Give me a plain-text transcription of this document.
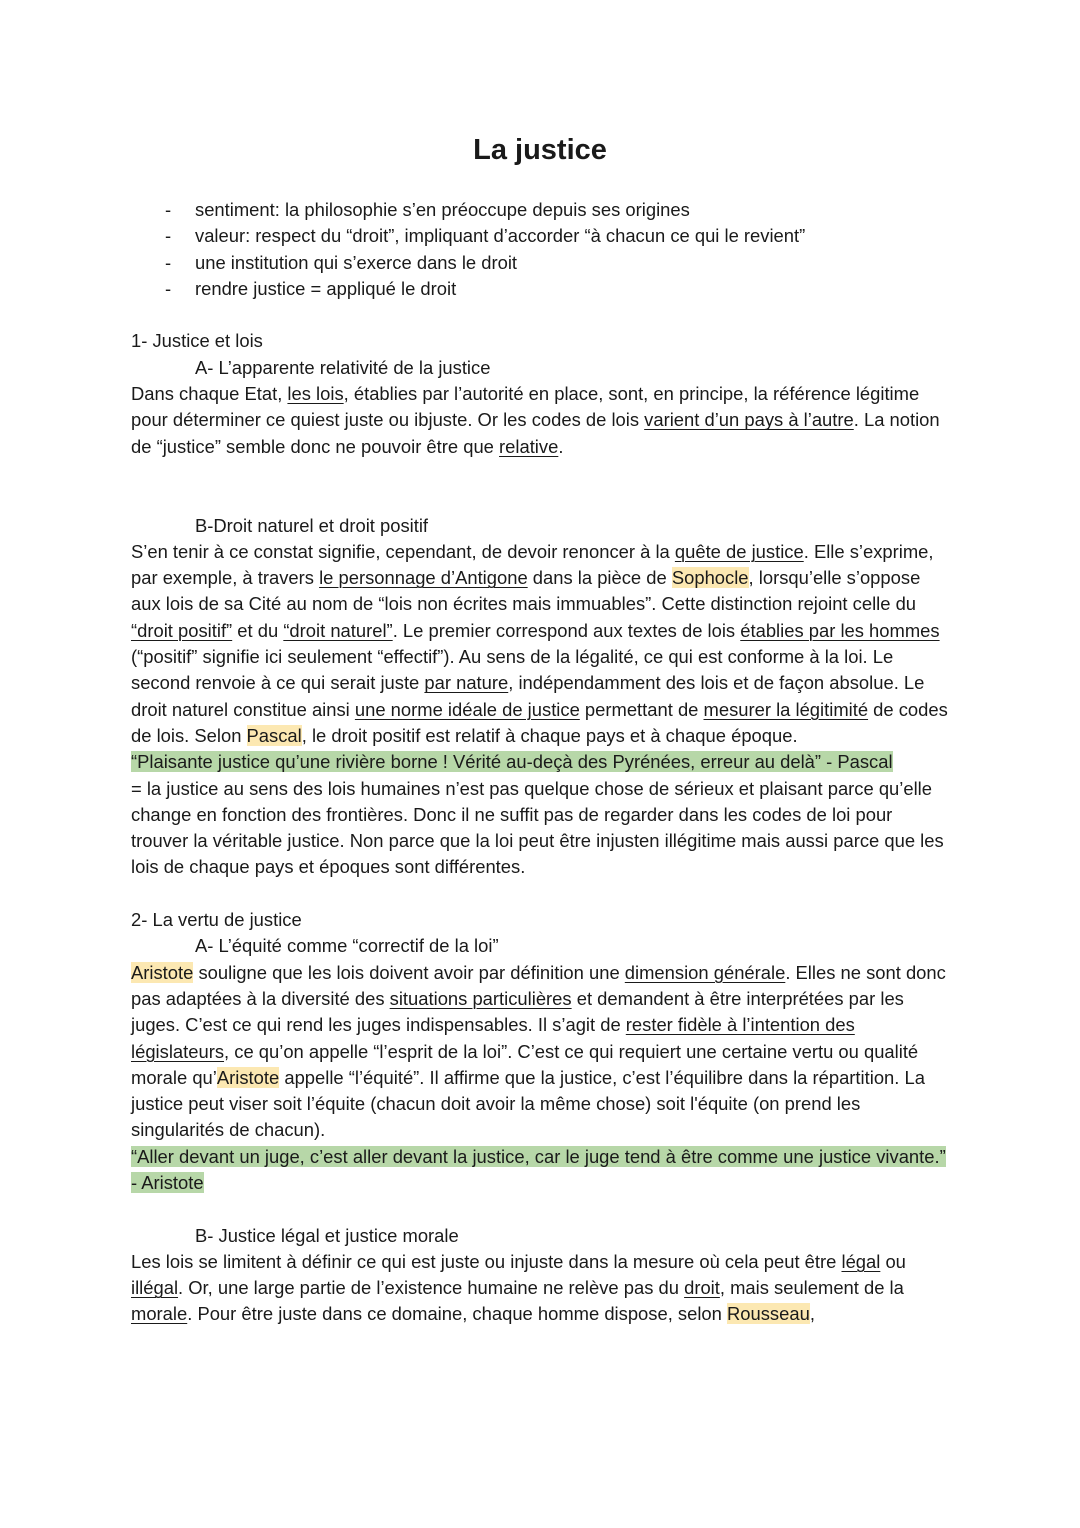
La justice
- sentiment: la philosophie s’en préoccupe depuis ses origines
- valeur: respect du “droit”, impliquant d’accorder “à chacun ce qui le revient”
- une institution qui s’exerce dans le droit
- rendre justice = appliqué le droit

1- Justice et lois

A- L’apparente relativité de la justice

Dans chaque Etat, les lois, établies par l’autorité en place, sont, en principe, la référence légitime pour déterminer ce quiest juste ou ibjuste. Or les codes de lois varient d’un pays à l’autre. La notion de “justice” semble donc ne pouvoir être que relative.

B-Droit naturel et droit positif

S’en tenir à ce constat signifie, cependant, de devoir renoncer à la quête de justice. Elle s’exprime, par exemple, à travers le personnage d’Antigone dans la pièce de Sophocle, lorsqu’elle s’oppose aux lois de sa Cité au nom de “lois non écrites mais immuables”. Cette distinction rejoint celle du “droit positif” et du “droit naturel”. Le premier correspond aux textes de lois établies par les hommes (“positif” signifie ici seulement “effectif”). Au sens de la légalité, ce qui est conforme à la loi. Le second renvoie à ce qui serait juste par nature, indépendamment des lois et de façon absolue. Le droit naturel constitue ainsi une norme idéale de justice permettant de mesurer la légitimité de codes de lois. Selon Pascal, le droit positif est relatif à chaque pays et à chaque époque.

“Plaisante justice qu’une rivière borne ! Vérité au-deçà des Pyrénées, erreur au delà” - Pascal

= la justice au sens des lois humaines n’est pas quelque chose de sérieux et plaisant parce qu’elle change en fonction des frontières. Donc il ne suffit pas de regarder dans les codes de loi pour trouver la véritable justice. Non parce que la loi peut être injusten illégitime mais aussi parce que les lois de chaque pays et époques sont différentes.

2- La vertu de justice

A- L’équité comme “correctif de la loi”

Aristote souligne que les lois doivent avoir par définition une dimension générale. Elles ne sont donc pas adaptées à la diversité des situations particulières et demandent à être interprétées par les juges. C’est ce qui rend les juges indispensables. Il s’agit de rester fidèle à l’intention des législateurs, ce qu’on appelle “l’esprit de la loi”. C’est ce qui requiert une certaine vertu ou qualité morale qu’Aristote appelle “l’équité”. Il affirme que la justice, c’est l’équilibre dans la répartition. La justice peut viser soit l’équite (chacun doit avoir la même chose) soit l'équite (on prend les singularités de chacun).

“Aller devant un juge, c’est aller devant la justice, car le juge tend à être comme une justice vivante.” - Aristote

B- Justice légal et justice morale

Les lois se limitent à définir ce qui est juste ou injuste dans la mesure où cela peut être légal ou illégal. Or, une large partie de l’existence humaine ne relève pas du droit, mais seulement de la morale. Pour être juste dans ce domaine, chaque homme dispose, selon Rousseau,
